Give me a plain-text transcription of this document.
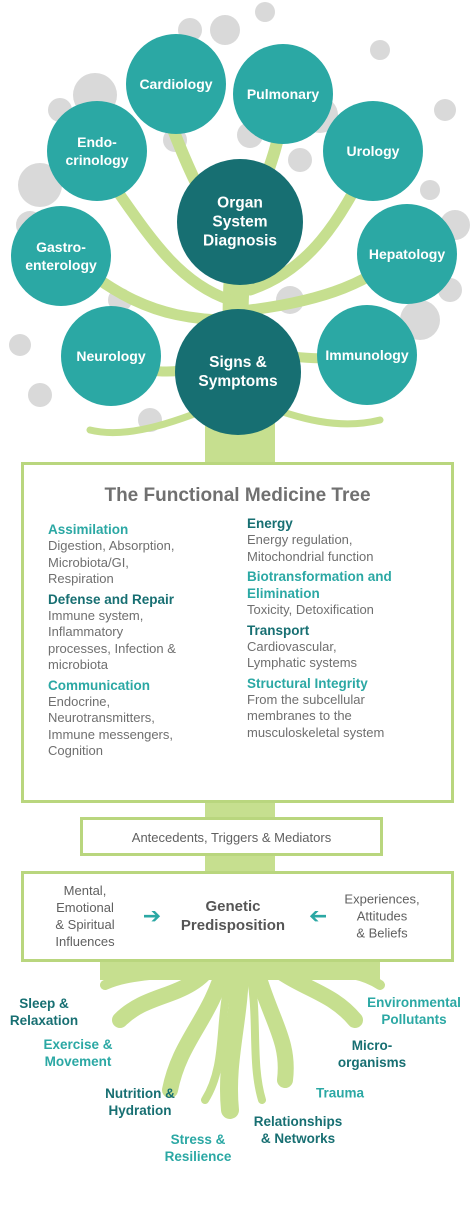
Cardiology
Pulmonary
Endo-
crinology
Urology
Gastro-
enterology
Hepatology
Neurology	Immunology
Organ
System
Diagnosis
Signs &
Symptoms
The Functional Medicine Tree
Assimilation
Digestion, Absorption,
Microbiota/GI,
Respiration
Defense and Repair
Immune system,
Inflammatory
processes, Infection &
microbiota
Communication
Endocrine,
Neurotransmitters,
Immune messengers,
Cognition
Energy
Energy regulation,
Mitochondrial function
Biotransformation and
Elimination
Toxicity, Detoxification
Transport
Cardiovascular,
Lymphatic systems
Structural Integrity
From the subcellular
membranes to the
musculoskeletal system
Antecedents, Triggers & Mediators
Mental,
Emotional
& Spiritual
Influences
➔	Genetic
Predisposition ➔
Experiences,
Attitudes
& Beliefs
Sleep &
Relaxation
Exercise &
Movement
Nutrition &
Hydration
Stress &
Resilience
Environmental
Pollutants
Micro-
organisms
Trauma
Relationships
& Networks
